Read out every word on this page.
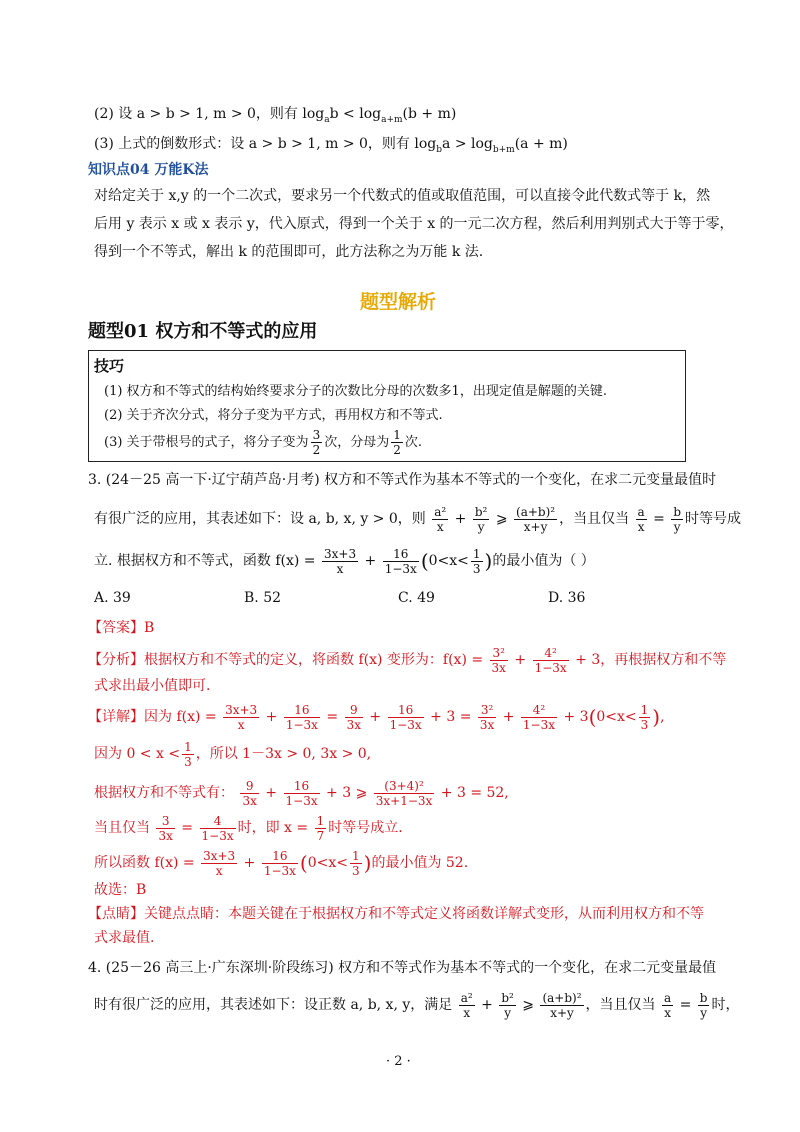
(2) 设 a > b > 1, m > 0，则有 $\log_ab < \log_{a+m}(b + m)$
(3) 上式的倒数形式：设 a > b > 1, m > 0，则有 $\log_ba > \log_{b+m}(a + m)$
知识点04 万能K法
对给定关于 x,y 的一个二次式，要求另一个代数式的值或取值范围，可以直接令此代数式等于 k，然
后用 y 表示 x 或 x 表示 y，代入原式，得到一个关于 x 的一元二次方程，然后利用判别式大于等于零，
得到一个不等式，解出 k 的范围即可，此方法称之为万能 k 法.
题型解析
题型01 权方和不等式的应用
技巧
(1) 权方和不等式的结构始终要求分子的次数比分母的次数多1，出现定值是解题的关键.
(2) 关于齐次分式，将分子变为平方式，再用权方和不等式.
(3) 关于带根号的式子，将分子变为 $\frac{3}{2}$ 次，分母为 $\frac{1}{2}$ 次.
3. (24－25 高一下·辽宁葫芦岛·月考) 权方和不等式作为基本不等式的一个变化，在求二元变量最值时
有很广泛的应用，其表述如下：设 a, b, x, y > 0，则 $\frac{\text{a²}}{x} + \frac{\text{b²}}{y}$ ⩾ $\frac{\text{(a+b)²}}{x+y}$ ，当且仅当 $\frac{a}{x} = \frac{b}{y}$ 时等号成
立. 根据权方和不等式，函数 $f(x) = \frac{3x+3}{x} + \frac{16}{1-3x} (0<x< \frac{1}{3}$ )的最小值为（ ）
A. 39	B. 52	C. 49	D. 36
【答案】B
【分析】根据权方和不等式的定义，将函数 f(x) 变形为：$f(x) = \frac{\text{3²}}{3x} + \frac{\text{4²}}{1-3x} + 3$，再根据权方和不等
式求出最小值即可.
【详解】因为 $f(x) = \frac{3x+3}{x} + \frac{16}{1-3x} = \frac{9}{3x} + \frac{16}{1-3x} + 3 = \frac{\text{3²}}{3x} + \frac{\text{4²}}{1-3x} + 3(0<x< \frac{1}{3}$ ),
因为 $0 < x < \frac{1}{3}$ ，所以 1－3x > 0, 3x > 0,
根据权方和不等式有： $\frac{9}{3x} + \frac{16}{1-3x} + 3$ ⩾ $\frac{\text{(3+4)²}}{3x+1-3x} + 3 = 52$,
当且仅当 $\frac{3}{3x} = \frac{4}{1-3x}$ 时，即 $x = \frac{1}{7}$ 时等号成立.
所以函数 $f(x) = \frac{3x+3}{x} + \frac{16}{1-3x} (0<x< \frac{1}{3}$ )的最小值为 52.
故选：B
【点睛】关键点点睛：本题关键在于根据权方和不等式定义将函数详解式变形，从而利用权方和不等
式求最值.
4. (25－26 高三上·广东深圳·阶段练习) 权方和不等式作为基本不等式的一个变化，在求二元变量最值
时有很广泛的应用，其表述如下：设正数 a, b, x, y，满足 $\frac{\text{a²}}{x} + \frac{\text{b²}}{y}$ ⩾ $\frac{\text{(a+b)²}}{x+y}$ ，当且仅当 $\frac{a}{x} = \frac{b}{y}$ 时，
· 2 ·
